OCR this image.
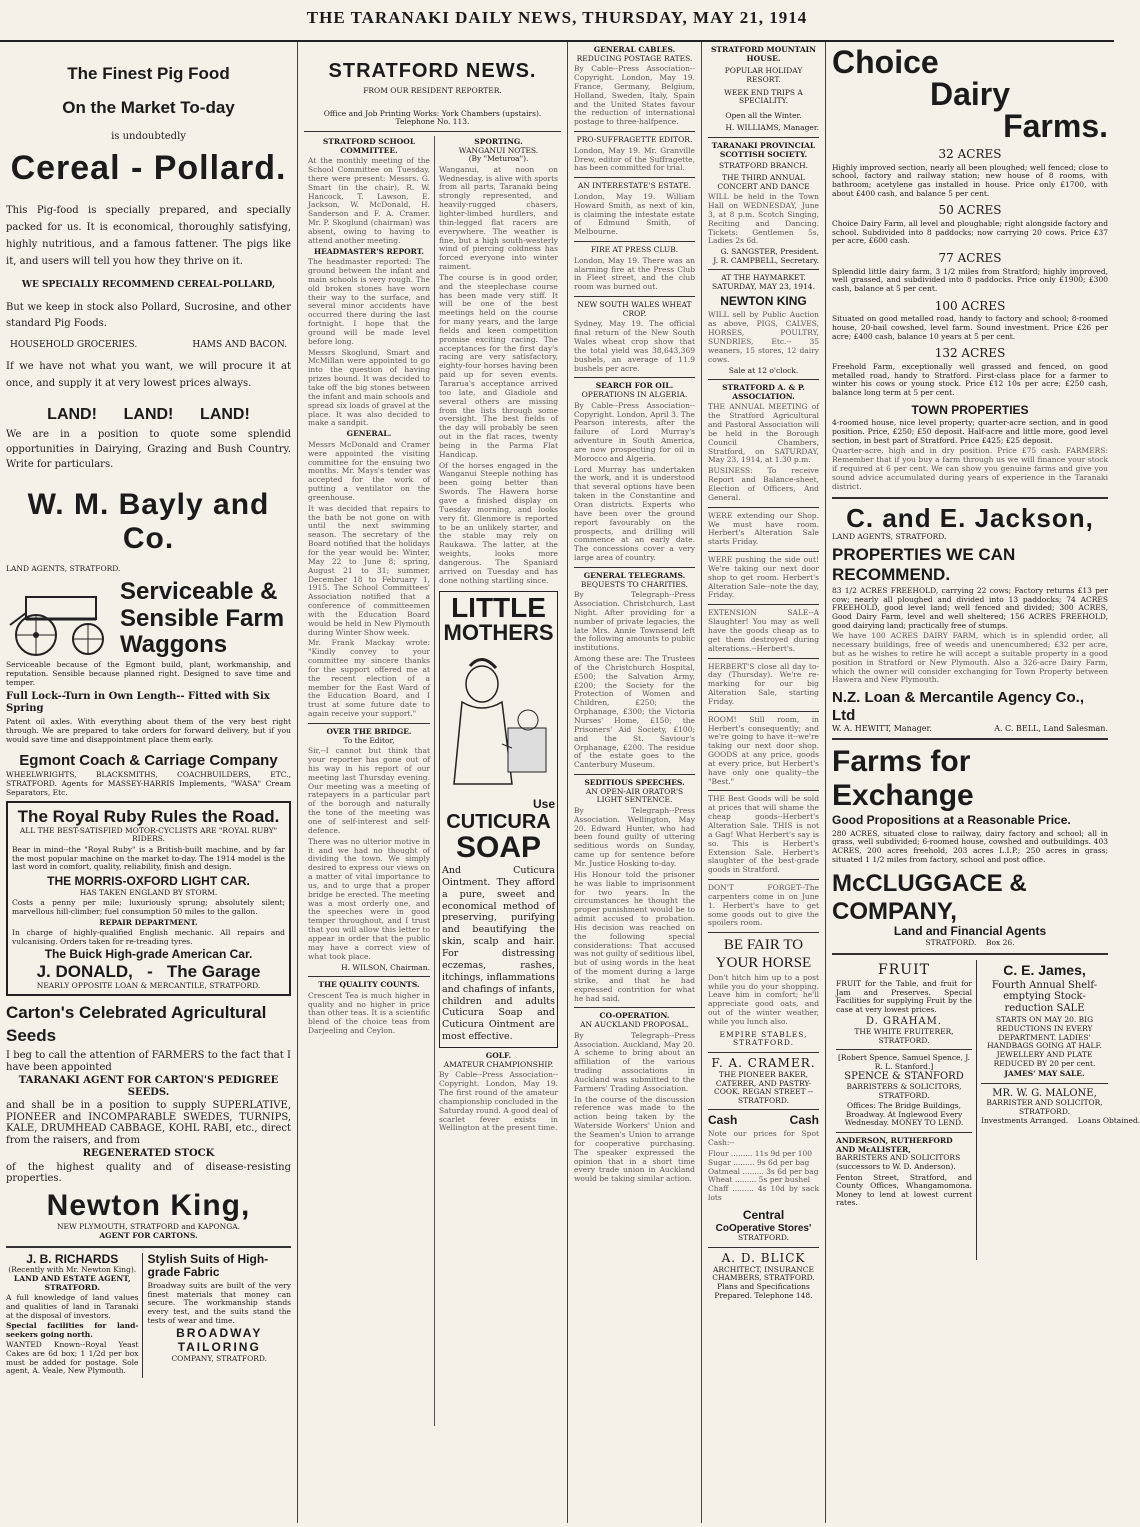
THE TARANAKI DAILY NEWS, THURSDAY, MAY 21, 1914
The Finest Pig Food
On the Market To-day
is undoubtedly
Cereal - Pollard.

This Pig-food is specially prepared, and specially packed for us. It is economical, thoroughly satisfying, highly nutritious, and a famous fattener. The pigs like it, and users will tell you how they thrive on it.

WE SPECIALLY RECOMMEND CEREAL-POLLARD,

But we keep in stock also Pollard, Sucrosine, and other standard Pig Foods.

HOUSEHOLD GROCERIES.	HAMS AND BACON.

If we have not what you want, we will procure it at once, and supply it at very lowest prices always.

LAND!      LAND!      LAND!

We are in a position to quote some splendid opportunities in Dairying, Grazing and Bush Country. Write for particulars.

W. M. Bayly and Co.
LAND AGENTS, STRATFORD.
Serviceable & Sensible Farm Waggons

Serviceable because of the Egmont build, plant, workmanship, and reputation. Sensible because planned right. Designed to save time and temper.

Full Lock--Turn in Own Length-- Fitted with Six Spring

Patent oil axles. With everything about them of the very best right through. We are prepared to take orders for forward delivery, but if you would save time and disappointment place them early.

Egmont Coach & Carriage Company

WHEELWRIGHTS, BLACKSMITHS, COACHBUILDERS, ETC., STRATFORD. Agents for MASSEY-HARRIS Implements, "WASA" Cream Separators, Etc.

The Royal Ruby Rules the Road.
ALL THE BEST-SATISFIED MOTOR-CYCLISTS ARE "ROYAL RUBY" RIDERS.

Bear in mind--the "Royal Ruby" is a British-built machine, and by far the most popular machine on the market to-day. The 1914 model is the last word in comfort, quality, reliability, finish and design.

THE MORRIS-OXFORD LIGHT CAR.
HAS TAKEN ENGLAND BY STORM.

Costs a penny per mile; luxuriously sprung; absolutely silent; marvellous hill-climber; fuel consumption 50 miles to the gallon.

REPAIR DEPARTMENT.

In charge of highly-qualified English mechanic. All repairs and vulcanising. Orders taken for re-treading tyres.

The Buick High-grade American Car.
J. DONALD,   -   The Garage
NEARLY OPPOSITE LOAN & MERCANTILE, STRATFORD.
Carton's Celebrated Agricultural Seeds

I beg to call the attention of FARMERS to the fact that I have been appointed

TARANAKI AGENT FOR CARTON'S PEDIGREE SEEDS.

and shall be in a position to supply SUPERLATIVE, PIONEER and INCOMPARABLE SWEDES, TURNIPS, KALE, DRUMHEAD CABBAGE, KOHL RABI, etc., direct from the raisers, and from

REGENERATED STOCK

of the highest quality and of disease-resisting properties.

Newton King,
NEW PLYMOUTH, STRATFORD and KAPONGA.
AGENT FOR CARTONS.
J. B. RICHARDS
(Recently with Mr. Newton King).
LAND AND ESTATE AGENT, STRATFORD.

A full knowledge of land values and qualities of land in Taranaki at the disposal of investors.

Special facilities for land-seekers going north.

WANTED Known--Royal Yeast Cakes are 6d box; 1 1/2d per box must be added for postage. Sole agent, A. Veale, New Plymouth.

Stylish Suits of High-grade Fabric

Broadway suits are built of the very finest materials that money can secure. The workmanship stands every test, and the suits stand the tests of wear and time.

BROADWAY TAILORING
COMPANY, STRATFORD.
STRATFORD NEWS.
FROM OUR RESIDENT REPORTER.
Office and Job Printing Works: York Chambers (upstairs).
Telephone No. 113.
STRATFORD SCHOOL COMMITTEE.

At the monthly meeting of the School Committee on Tuesday, there were present: Messrs. G. Smart (in the chair), R. W. Hancock, T. Lawson, E. Jackson, W. McDonald, H. Sanderson and F. A. Cramer. Mr. P. Skoglund (chairman) was absent, owing to having to attend another meeting.

HEADMASTER'S REPORT.

The headmaster reported: The ground between the infant and main schools is very rough. The old broken stones have worn their way to the surface, and several minor accidents have occurred there during the last fortnight. I hope that the ground will be made level before long.

Messrs Skoglund, Smart and McMillan were appointed to go into the question of having prizes bound. It was decided to take off the big stones between the infant and main schools and spread six loads of gravel at the place. It was also decided to make a sandpit.

GENERAL.

Messrs McDonald and Cramer were appointed the visiting committee for the ensuing two months. Mr. Mays's tender was accepted for the work of putting a ventilator on the greenhouse.

It was decided that repairs to the bath be not gone on with until the next swimming season. The secretary of the Board notified that the holidays for the year would be: Winter, May 22 to June 8; spring, August 21 to 31; summer, December 18 to February 1, 1915. The School Committees' Association notified that a conference of committeemen with the Education Board would be held in New Plymouth during Winter Show week.

Mr. Frank Mackay wrote: "Kindly convey to your committee my sincere thanks for the support offered me at the recent election of a member for the East Ward of the Education Board, and I trust at some future date to again receive your support."

OVER THE BRIDGE.
To the Editor,

Sir,--I cannot but think that your reporter has gone out of his way in his report of our meeting last Thursday evening. Our meeting was a meeting of ratepayers in a particular part of the borough and naturally the tone of the meeting was one of self-interest and self-defence.

There was no ulterior motive in it and we had no thought of dividing the town. We simply desired to express our views on a matter of vital importance to us, and to urge that a proper bridge be erected. The meeting was a most orderly one, and the speeches were in good temper throughout, and I trust that you will allow this letter to appear in order that the public may have a correct view of what took place.

H. WILSON, Chairman.
THE QUALITY COUNTS.

Crescent Tea is much higher in quality and no higher in price than other teas. It is a scientific blend of the choice teas from Darjeeling and Ceylon.

SPORTING.
WANGANUI NOTES.
(By "Meturoa").

Wanganui, at noon on Wednesday, is alive with sports from all parts, Taranaki being strongly represented, and heavily-rugged chasers, lighter-limbed hurdlers, and thin-legged flat racers are everywhere. The weather is fine, but a high south-westerly wind of piercing coldness has forced everyone into winter raiment.

The course is in good order, and the steeplechase course has been made very stiff. It will be one of the best meetings held on the course for many years, and the large fields and keen competition promise exciting racing. The acceptances for the first day's racing are very satisfactory, eighty-four horses having been paid up for seven events. Tararua's acceptance arrived too late, and Gladiole and several others are missing from the lists through some oversight. The best fields of the day will probably be seen out in the flat races, twenty being in the Parma Flat Handicap.

Of the horses engaged in the Wanganui Steeple nothing has been going better than Swords. The Hawera horse gave a finished display on Tuesday morning, and looks very fit. Glenmore is reported to be an unlikely starter, and the stable may rely on Raukawa. The latter, at the weights, looks more dangerous. The Spaniard arrived on Tuesday and has done nothing startling since.

LITTLE
MOTHERS
Use
CUTICURA
SOAP

And Cuticura Ointment. They afford a pure, sweet and economical method of preserving, purifying and beautifying the skin, scalp and hair. For distressing eczemas, rashes, itchings, inflammations and chafings of infants, children and adults Cuticura Soap and Cuticura Ointment are most effective.

GOLF.
AMATEUR CHAMPIONSHIP.

By Cable--Press Association--Copyright. London, May 19. The first round of the amateur championship concluded in the Saturday round. A good deal of scarlet fever exists in Wellington at the present time.

GENERAL CABLES.
REDUCING POSTAGE RATES.

By Cable--Press Association--Copyright. London, May 19. France, Germany, Belgium, Holland, Sweden, Italy, Spain and the United States favour the reduction of international postage to three-halfpence.

PRO-SUFFRAGETTE EDITOR.

London, May 19. Mr. Granville Drew, editor of the Suffragette, has been committed for trial.

AN INTERESTATE'S ESTATE.

London, May 19. William Howard Smith, as next of kin, is claiming the intestate estate of Edmund Smith, of Melbourne.

FIRE AT PRESS CLUB.

London, May 19. There was an alarming fire at the Press Club in Fleet street, and the club room was burned out.

NEW SOUTH WALES WHEAT CROP.

Sydney, May 19. The official final return of the New South Wales wheat crop show that the total yield was 38,643,369 bushels, an average of 11.9 bushels per acre.

SEARCH FOR OIL.
OPERATIONS IN ALGERIA.

By Cable--Press Association--Copyright. London, April 3. The Pearson interests, after the failure of Lord Murray's adventure in South America, are now prospecting for oil in Morocco and Algeria.

Lord Murray has undertaken the work, and it is understood that several options have been taken in the Constantine and Oran districts. Experts who have been over the ground report favourably on the prospects, and drilling will commence at an early date. The concessions cover a very large area of country.

GENERAL TELEGRAMS.
BEQUESTS TO CHARITIES.

By Telegraph--Press Association. Christchurch, Last Night. After providing for a number of private legacies, the late Mrs. Annie Townsend left the following amounts to public institutions.

Among these are: The Trustees of the Christchurch Hospital, £500; the Salvation Army, £200; the Society for the Protection of Women and Children, £250; the Orphanage, £300; the Victoria Nurses' Home, £150; the Prisoners' Aid Society, £100; and the St. Saviour's Orphanage, £200. The residue of the estate goes to the Canterbury Museum.

SEDITIOUS SPEECHES.
AN OPEN-AIR ORATOR'S LIGHT SENTENCE.

By Telegraph--Press Association. Wellington, May 20. Edward Hunter, who had been found guilty of uttering seditious words on Sunday, came up for sentence before Mr. Justice Hosking to-day.

His Honour told the prisoner he was liable to imprisonment for two years. In the circumstances he thought the proper punishment would be to admit accused to probation. His decision was reached on the following special considerations: That accused was not guilty of seditious libel, but of using words in the heat of the moment during a large strike, and that he had expressed contrition for what he had said.

CO-OPERATION.
AN AUCKLAND PROPOSAL.

By Telegraph--Press Association. Auckland, May 20. A scheme to bring about an affiliation of the various trading associations in Auckland was submitted to the Farmers' Trading Association.

In the course of the discussion reference was made to the action being taken by the Waterside Workers' Union and the Seamen's Union to arrange for cooperative purchasing. The speaker expressed the opinion that in a short time every trade union in Auckland would be taking similar action.

STRATFORD MOUNTAIN HOUSE.
POPULAR HOLIDAY RESORT.
WEEK END TRIPS A SPECIALITY.
Open all the Winter.
H. WILLIAMS, Manager.
TARANAKI PROVINCIAL SCOTTISH SOCIETY.
STRATFORD BRANCH.
THE THIRD ANNUAL CONCERT AND DANCE

WILL be held in the Town Hall on WEDNESDAY, June 3, at 8 p.m. Scotch Singing, Reciting and Dancing. Tickets: Gentlemen 5s, Ladies 2s 6d.

G. SANGSTER, President.
J. R. CAMPBELL, Secretary.
AT THE HAYMARKET.
SATURDAY, MAY 23, 1914.
NEWTON KING

WILL sell by Public Auction as above, PIGS, CALVES, HORSES, POULTRY, SUNDRIES, Etc.-- 35 weaners, 15 stores, 12 dairy cows.

Sale at 12 o'clock.
STRATFORD A. & P. ASSOCIATION.

THE ANNUAL MEETING of the Stratford Agricultural and Pastoral Association will be held in the Borough Council Chambers, Stratford, on SATURDAY, May 23, 1914, at 1.30 p.m.

BUSINESS: To receive Report and Balance-sheet, Election of Officers, And General.

WERE extending our Shop. We must have room. Herbert's Alteration Sale starts Friday.

WERE pushing the side out! We're taking our next door shop to get room. Herbert's Alteration Sale--note the day, Friday.

EXTENSION SALE--A Slaughter! You may as well have the goods cheap as to get them destroyed during alterations.--Herbert's.

HERBERT'S close all day to-day (Thursday). We're re-marking for our big Alteration Sale, starting Friday.

ROOM! Still room, in Herbert's consequently; and we're going to have it--we're taking our next door shop. GOODS at any price, goods at every price, but Herbert's have only one quality--the "Best."

THE Best Goods will be sold at prices that will shame the cheap goods--Herbert's Alteration Sale. THIS is not a Gag! What Herbert's say is so. This is Herbert's Extension Sale. Herbert's slaughter of the best-grade goods in Stratford.

DON'T FORGET--The carpenters come in on June 1. Herbert's have to get some goods out to give the spoilers room.

BE FAIR TO YOUR HORSE

Don't hitch him up to a post while you do your shopping. Leave him in comfort; he'll appreciate good oats, and out of the winter weather, while you lunch also.

EMPIRE STABLES, STRATFORD.
F. A. CRAMER.
THE PIONEER BAKER, CATERER, AND PASTRY-COOK. REGAN STREET -- STRATFORD.
Cash	Cash

Note our prices for Spot Cash:--

Flour ......... 11s 9d per 100
Sugar ......... 9s 6d per bag
Oatmeal ......... 3s 6d per bag
Wheat ......... 5s per bushel
Chaff ......... 4s 10d by sack lots

Central
CoOperative Stores'
STRATFORD.
A. D. BLICK
ARCHITECT, INSURANCE CHAMBERS, STRATFORD.
Plans and Specifications Prepared. Telephone 148.
Choice
Dairy
Farms.
32 ACRES

Highly improved section, nearly all been ploughed; well fenced; close to school, factory and railway station; new house of 8 rooms, with bathroom; acetylene gas installed in house. Price only £1700, with about £400 cash, and balance 5 per cent.

50 ACRES

Choice Dairy Farm, all level and ploughable; right alongside factory and school. Subdivided into 8 paddocks; now carrying 20 cows. Price £37 per acre, £600 cash.

77 ACRES

Splendid little dairy farm, 3 1/2 miles from Stratford; highly improved, well grassed, and subdivided into 8 paddocks. Price only £1900; £300 cash, balance at 5 per cent.

100 ACRES

Situated on good metalled road, handy to factory and school; 8-roomed house, 20-bail cowshed, level farm. Sound investment. Price £26 per acre; £400 cash, balance 10 years at 5 per cent.

132 ACRES

Freehold Farm, exceptionally well grassed and fenced, on good metalled road, handy to Stratford. First-class place for a farmer to winter his cows or young stock. Price £12 10s per acre; £250 cash, balance long term at 5 per cent.

TOWN PROPERTIES

4-roomed house, nice level property; quarter-acre section, and in good position. Price, £250; £50 deposit. Half-acre and little more, good level section, in best part of Stratford. Price £425; £25 deposit.

Quarter-acre, high and in dry position. Price £75 cash. FARMERS: Remember that if you buy a farm through us we will finance your stock if required at 6 per cent. We can show you genuine farms and give you sound advice accumulated during years of experience in the Taranaki district.

C. and E. Jackson,
LAND AGENTS, STRATFORD.
PROPERTIES WE CAN RECOMMEND.

83 1/2 ACRES FREEHOLD, carrying 22 cows; Factory returns £13 per cow; nearly all ploughed and divided into 13 paddocks; 74 ACRES FREEHOLD, good level land; well fenced and divided; 300 ACRES, Good Dairy Farm, level and well sheltered; 156 ACRES FREEHOLD, good dairying land; practically free of stumps.

We have 100 ACRES DAIRY FARM, which is in splendid order, all necessary buildings, free of weeds and unencumbered; £32 per acre, but as he wishes to retire he will accept a suitable property in a good position in Stratford or New Plymouth. Also a 326-acre Dairy Farm, which the owner will consider exchanging for Town Property between Hawera and New Plymouth.

N.Z. Loan & Mercantile Agency Co., Ltd
W. A. HEWITT, Manager.	A. C. BELL, Land Salesman.
Farms for Exchange
Good Propositions at a Reasonable Price.

280 ACRES, situated close to railway, dairy factory and school; all in grass, well subdivided; 6-roomed house, cowshed and outbuildings. 403 ACRES, 200 acres freehold, 203 acres L.I.P.; 250 acres in grass; situated 1 1/2 miles from factory, school and post office.

McCLUGGACE & COMPANY,
Land and Financial Agents
STRATFORD.    Box 26.
FRUIT

FRUIT for the Table, and fruit for Jam and Preserves. Special Facilities for supplying Fruit by the case at very lowest prices.

D. GRAHAM.
THE WHITE FRUITERER, STRATFORD.
[Robert Spence, Samuel Spence, J. R. L. Stanford.]
SPENCE & STANFORD
BARRISTERS & SOLICITORS, STRATFORD.

Offices: The Bridge Buildings, Broadway. At Inglewood Every Wednesday. MONEY TO LEND.

ANDERSON, RUTHERFORD AND McALISTER,
BARRISTERS AND SOLICITORS (successors to W. D. Anderson).

Fenton Street, Stratford, and County Offices, Whangamomona. Money to lend at lowest current rates.

C. E. James,

Fourth Annual Shelf-emptying Stock-reduction SALE

STARTS ON MAY 20. BIG REDUCTIONS IN EVERY DEPARTMENT. LADIES' HANDBAGS GOING AT HALF. JEWELLERY AND PLATE REDUCED BY 20 per cent.

JAMES' MAY SALE.
MR. W. G. MALONE,
BARRISTER AND SOLICITOR, STRATFORD.
Investments Arranged.    Loans Obtained.
